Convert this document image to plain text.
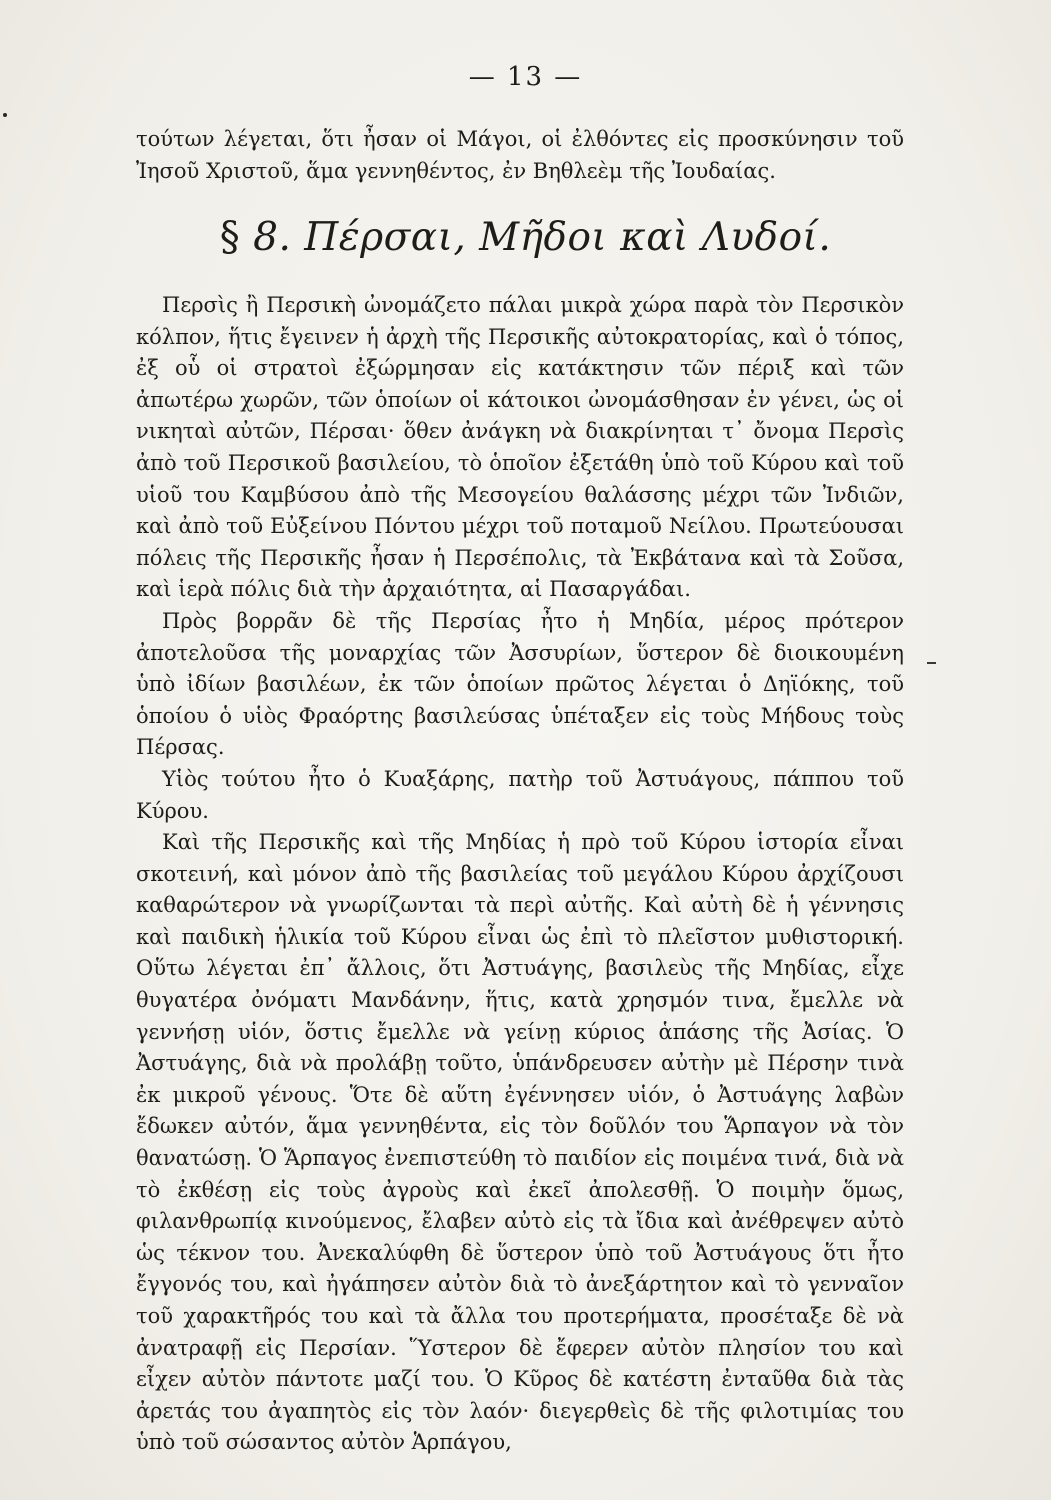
— 13 —

τούτων λέγεται, ὅτι ἦσαν οἱ Μάγοι, οἱ ἐλθόντες εἰς προσκύνησιν τοῦ Ἰησοῦ Χριστοῦ, ἅμα γεννηθέντος, ἐν Βηθλεὲμ τῆς Ἰουδαίας.

§ 8. Πέρσαι, Μῆδοι καὶ Λυδοί.

Περσὶς ἢ Περσικὴ ὠνομάζετο πάλαι μικρὰ χώρα παρὰ τὸν Περσικὸν κόλπον, ἥτις ἔγεινεν ἡ ἀρχὴ τῆς Περσικῆς αὐτοκρατορίας, καὶ ὁ τόπος, ἐξ οὗ οἱ στρατοὶ ἐξώρμησαν εἰς κατάκτησιν τῶν πέριξ καὶ τῶν ἀπωτέρω χωρῶν, τῶν ὁποίων οἱ κάτοικοι ὠνομάσθησαν ἐν γένει, ὡς οἱ νικηταὶ αὐτῶν, Πέρσαι· ὅθεν ἀνάγκη νὰ διακρίνηται τ᾽ ὄνομα Περσὶς ἀπὸ τοῦ Περσικοῦ βασιλείου, τὸ ὁποῖον ἐξετάθη ὑπὸ τοῦ Κύρου καὶ τοῦ υἱοῦ του Καμβύσου ἀπὸ τῆς Μεσογείου θαλάσσης μέχρι τῶν Ἰνδιῶν, καὶ ἀπὸ τοῦ Εὐξείνου Πόντου μέχρι τοῦ ποταμοῦ Νείλου. Πρωτεύουσαι πόλεις τῆς Περσικῆς ἦσαν ἡ Περσέπολις, τὰ Ἐκβάτανα καὶ τὰ Σοῦσα, καὶ ἱερὰ πόλις διὰ τὴν ἀρχαιότητα, αἱ Πασαργάδαι.

Πρὸς βορρᾶν δὲ τῆς Περσίας ἦτο ἡ Μηδία, μέρος πρότερον ἀποτελοῦσα τῆς μοναρχίας τῶν Ἀσσυρίων, ὕστερον δὲ διοικουμένη ὑπὸ ἰδίων βασιλέων, ἐκ τῶν ὁποίων πρῶτος λέγεται ὁ Δηϊόκης, τοῦ ὁποίου ὁ υἱὸς Φραόρτης βασιλεύσας ὑπέταξεν εἰς τοὺς Μήδους τοὺς Πέρσας.

Υἱὸς τούτου ἦτο ὁ Κυαξάρης, πατὴρ τοῦ Ἀστυάγους, πάππου τοῦ Κύρου.

Καὶ τῆς Περσικῆς καὶ τῆς Μηδίας ἡ πρὸ τοῦ Κύρου ἱστορία εἶναι σκοτεινή, καὶ μόνον ἀπὸ τῆς βασιλείας τοῦ μεγάλου Κύρου ἀρχίζουσι καθαρώτερον νὰ γνωρίζωνται τὰ περὶ αὐτῆς. Καὶ αὐτὴ δὲ ἡ γέννησις καὶ παιδικὴ ἡλικία τοῦ Κύρου εἶναι ὡς ἐπὶ τὸ πλεῖστον μυθιστορική. Οὕτω λέγεται ἐπ᾽ ἄλλοις, ὅτι Ἀστυάγης, βασιλεὺς τῆς Μηδίας, εἶχε θυγατέρα ὀνόματι Μανδάνην, ἥτις, κατὰ χρησμόν τινα, ἔμελλε νὰ γεννήσῃ υἱόν, ὅστις ἔμελλε νὰ γείνῃ κύριος ἁπάσης τῆς Ἀσίας. Ὁ Ἀστυάγης, διὰ νὰ προλάβῃ τοῦτο, ὑπάνδρευσεν αὐτὴν μὲ Πέρσην τινὰ ἐκ μικροῦ γένους. Ὅτε δὲ αὕτη ἐγέννησεν υἱόν, ὁ Ἀστυάγης λαβὼν ἔδωκεν αὐτόν, ἅμα γεννηθέντα, εἰς τὸν δοῦλόν του Ἅρπαγον νὰ τὸν θανατώσῃ. Ὁ Ἅρπαγος ἐνεπιστεύθη τὸ παιδίον εἰς ποιμένα τινά, διὰ νὰ τὸ ἐκθέσῃ εἰς τοὺς ἀγροὺς καὶ ἐκεῖ ἀπολεσθῇ. Ὁ ποιμὴν ὅμως, φιλανθρωπίᾳ κινούμενος, ἔλαβεν αὐτὸ εἰς τὰ ἴδια καὶ ἀνέθρεψεν αὐτὸ ὡς τέκνον του. Ἀνεκαλύφθη δὲ ὕστερον ὑπὸ τοῦ Ἀστυάγους ὅτι ἦτο ἔγγονός του, καὶ ἠγάπησεν αὐτὸν διὰ τὸ ἀνεξάρτητον καὶ τὸ γενναῖον τοῦ χαρακτῆρός του καὶ τὰ ἄλλα του προτερήματα, προσέταξε δὲ νὰ ἀνατραφῇ εἰς Περσίαν. Ὕστερον δὲ ἔφερεν αὐτὸν πλησίον του καὶ εἶχεν αὐτὸν πάντοτε μαζί του. Ὁ Κῦρος δὲ κατέστη ἐνταῦθα διὰ τὰς ἀρετάς του ἀγαπητὸς εἰς τὸν λαόν· διεγερθεὶς δὲ τῆς φιλοτιμίας του ὑπὸ τοῦ σώσαντος αὐτὸν Ἁρπάγου,
